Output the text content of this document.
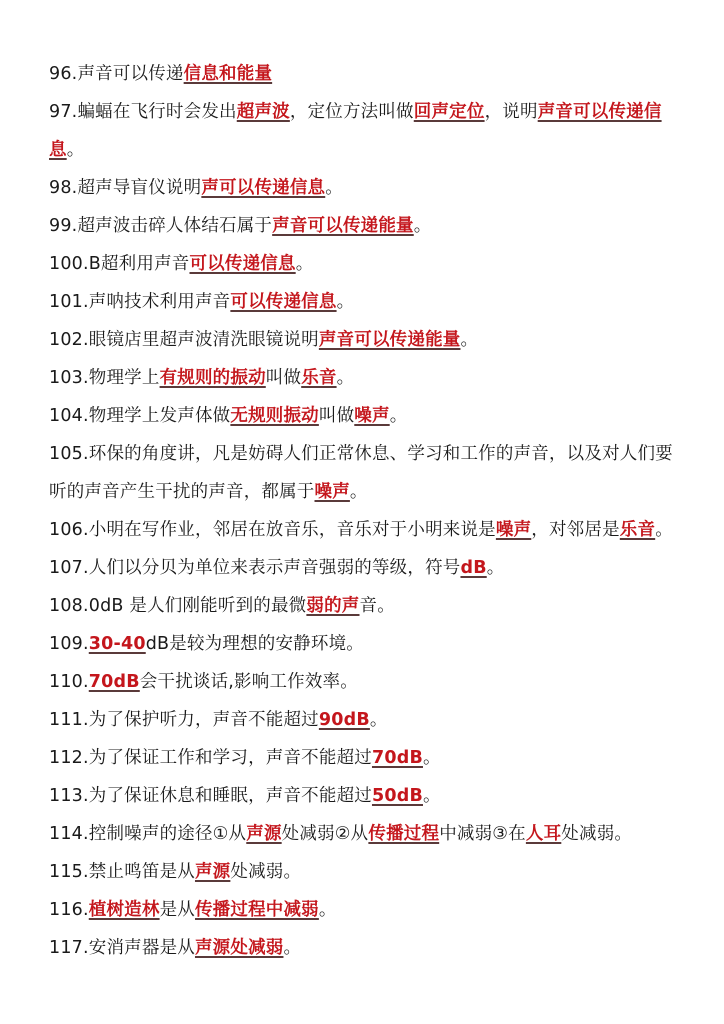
96.声音可以传递信息和能量
97.蝙蝠在飞行时会发出超声波，定位方法叫做回声定位，说明声音可以传递信息。
98.超声导盲仪说明声可以传递信息。
99.超声波击碎人体结石属于声音可以传递能量。
100.B超利用声音可以传递信息。
101.声呐技术利用声音可以传递信息。
102.眼镜店里超声波清洗眼镜说明声音可以传递能量。
103.物理学上有规则的振动叫做乐音。
104.物理学上发声体做无规则振动叫做噪声。
105.环保的角度讲，凡是妨碍人们正常休息、学习和工作的声音，以及对人们要听的声音产生干扰的声音，都属于噪声。
106.小明在写作业，邻居在放音乐，音乐对于小明来说是噪声，对邻居是乐音。
107.人们以分贝为单位来表示声音强弱的等级，符号dB。
108.0dB 是人们刚能听到的最微弱的声音。
109.30-40dB是较为理想的安静环境。
110.70dB会干扰谈话,影响工作效率。
111.为了保护听力，声音不能超过90dB。
112.为了保证工作和学习，声音不能超过70dB。
113.为了保证休息和睡眠，声音不能超过50dB。
114.控制噪声的途径①从声源处减弱②从传播过程中减弱③在人耳处减弱。
115.禁止鸣笛是从声源处减弱。
116.植树造林是从传播过程中减弱。
117.安消声器是从声源处减弱。
